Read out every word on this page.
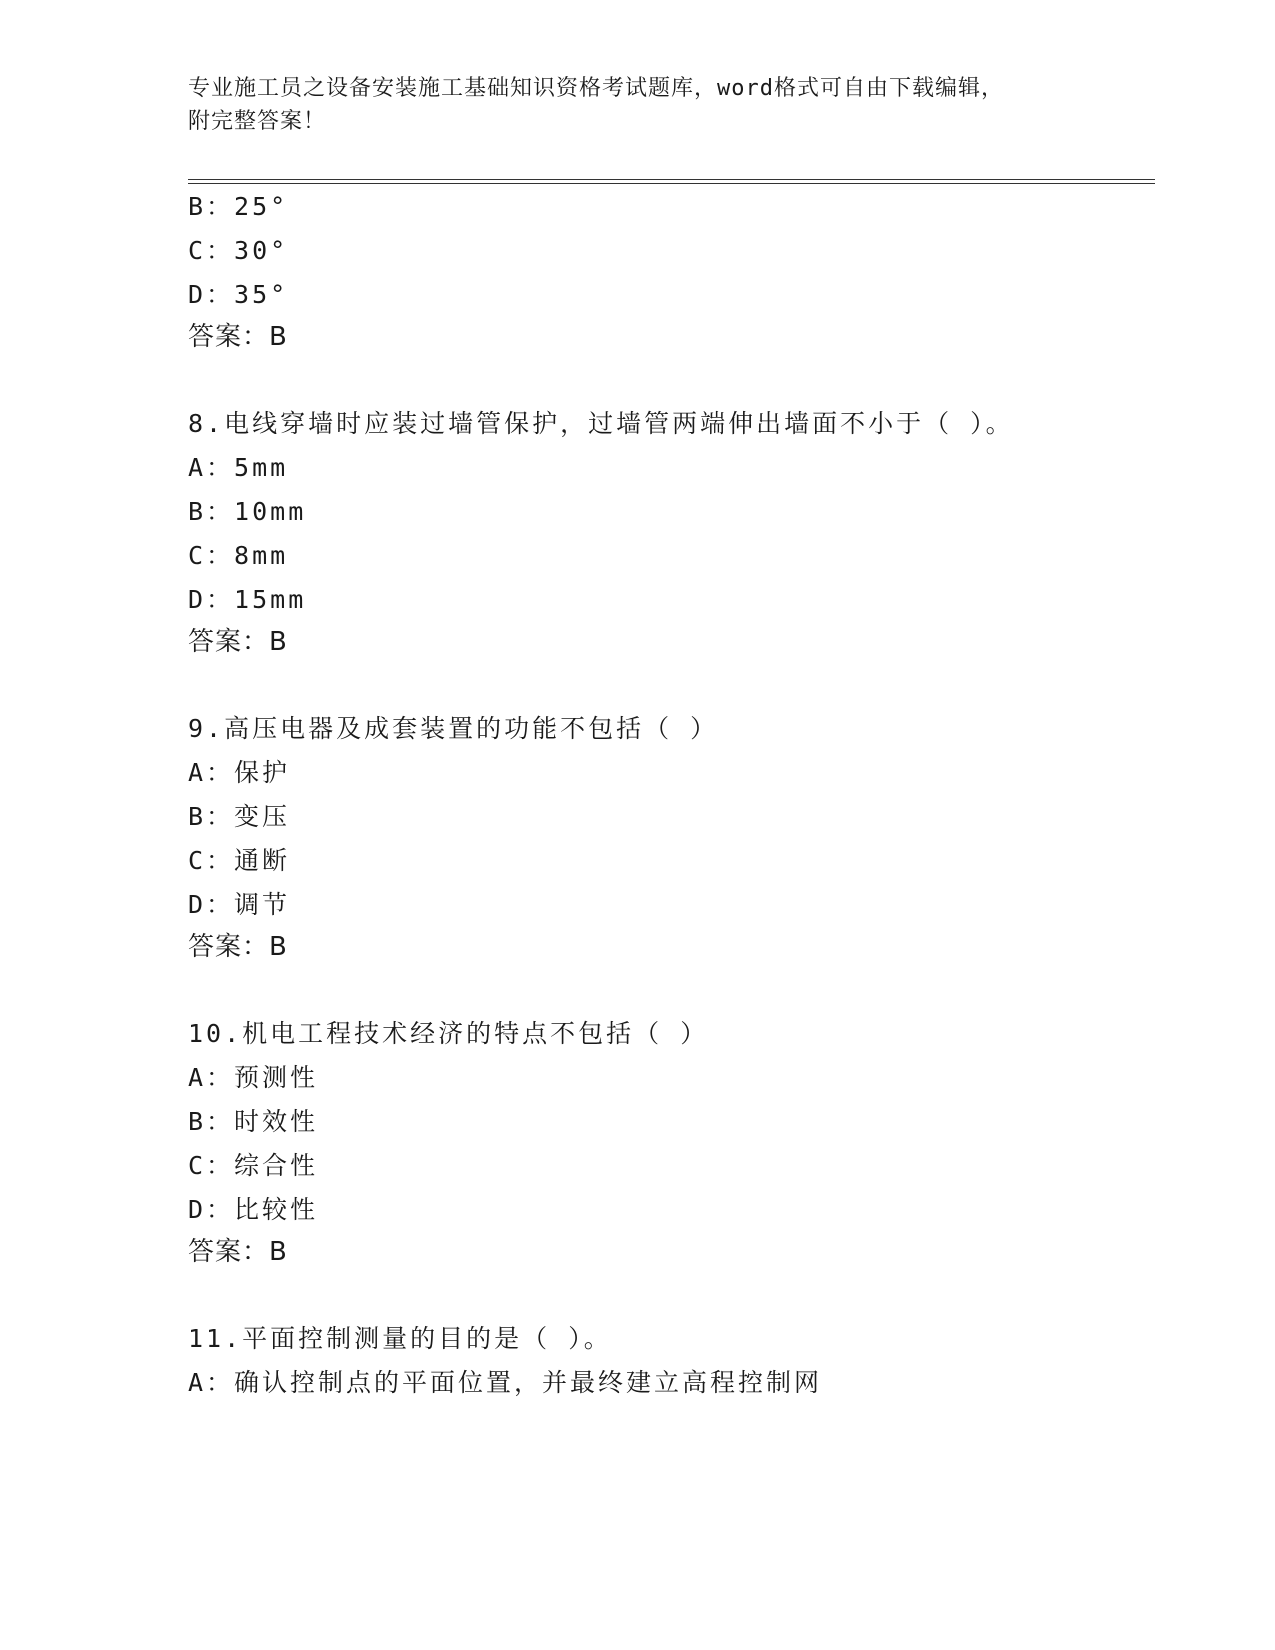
专业施工员之设备安装施工基础知识资格考试题库，word格式可自由下载编辑，
附完整答案！
B：25°
C：30°
D：35°
答案：B
8.电线穿墙时应装过墙管保护，过墙管两端伸出墙面不小于（ ）。
A：5mm
B：10mm
C：8mm
D：15mm
答案：B
9.高压电器及成套装置的功能不包括（ ）
A：保护
B：变压
C：通断
D：调节
答案：B
10.机电工程技术经济的特点不包括（ ）
A：预测性
B：时效性
C：综合性
D：比较性
答案：B
11.平面控制测量的目的是（ ）。
A：确认控制点的平面位置，并最终建立高程控制网
